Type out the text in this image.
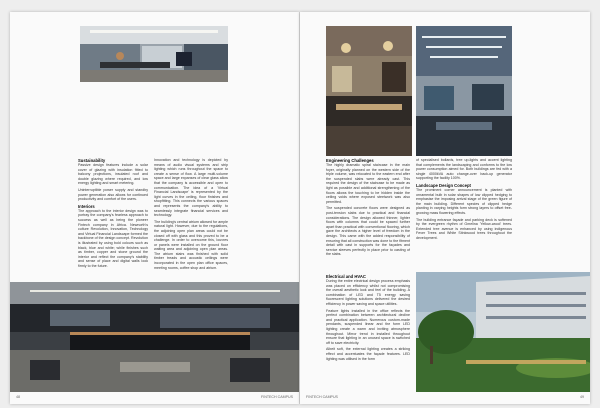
Sustainability

Passive design features include a solar cover of glazing with insulation fitted to balcony projections, insulated roof and double glazing where required, and low energy lighting and smart metering.

Uninterruptible power supply and standby power generation also allows for continued productivity and comfort of the users.

Interiors

The approach to the interior design was to portray the company's fearless approach to success as well as being the pioneer Fintech company in Africa. Newnorth's culture Revolution, Innovation, Technology and Virtual Financial Landscape formed the backbone of the design concept. Revolution is illustrated by using bold colours such as black, blue and white; while finishes such as timber, copper and stone ground the interior and reflect the company's stability and sense of place and digital walls look firmly to the future.

Innovation and technology is depicted by means of audio visual systems and strip lighting which runs throughout the space to create a sense of flow. A large multi-volume space and large expanses of clear glass allow that the company is accessible and open to communication. The idea of a 'Virtual Financial Landscape' is represented by the light curves in the ceiling, floor finishes and shopfitting. This connects the various spaces and represents the company's ability to seamlessly integrate financial services and technology.

The building's central atrium allowed for ample natural light. However, due to the regulations, the adjoining open plan areas could not be closed off with glass and this proved to be a challenge. In order to overcome this, louvres or panels were installed on the ground floor waiting area and adjoining open plan areas. The atrium stairs was finished with solid timber treads and acoustic ceilings were incorporated in the open plan office spaces, meeting rooms, coffee shop and atrium.

48	FINTECH CAMPUS
Engineering Challenges

The highly dramatic spiral staircase in the main foyer, originally planned on the western side of the triple volume, was relocated to the eastern end after the suspended slabs were already cast. This required the design of the staircase to be made as light as possible and additional strengthening of the floors allows the touching to be hidden inside the ceiling voids where exposed steelwork was also permitted.

The suspended concrete floors were designed as post-tension slabs due to practical and financial considerations. The design allowed thinner, lighter floors with columns that could be spaced further apart than practical with conventional flooring, which gave the architects a higher level of freedom in the design. This came with the added responsibility of ensuring that all construction was done to the fitment detail with cast in supports for the façades and service sleeves perfectly in place prior to casting of the slabs.

of specialised bollards, tree up-lights and accent lighting that complements the landscaping and conforms to the low power consumption aimed for. Both buildings are fed with a single 4000kVA auto change-over back-up generator supporting the facility 100%.

Landscape Design Concept

The prominent corner announcement is planted with ornamental bulb in solar shapes of low clipped hedging to emphasise the imposing arrival stage of the green figure of the main building. Different species of clipped hedge planting in varying heights form strong layers to offset free-growing mass flowering effects.

The building entrance façade and parking deck is softened by the evergreen rhythm of Gmelina 'Yellow-wood' trees. Extended tree avenue is enhanced by using indigenous Fever Trees and White Stinkwood trees throughout the development.

Electrical and HVAC

During the entire electrical design process emphasis was placed on efficiency whilst not compromising the overall aesthetic look and feel of the building. A combination of LED and T5 energy saving fluorescent lighting solutions delivered the desired efficiency in power saving and space utilities.

Feature lights installed in the office reflects the perfect combination between architectural decline and practical application. Numerous custom-made pendants, suspended linear and the form LED lighting create a warm and inviting atmosphere throughout. Mirror trend in installed throughout ensure that lighting in an unused space is switched off to save electricity.

Albeit soft, the external lighting creates a striking effect and accentuates the façade features. LED lighting was utilised in the form

FINTECH CAMPUS	49
